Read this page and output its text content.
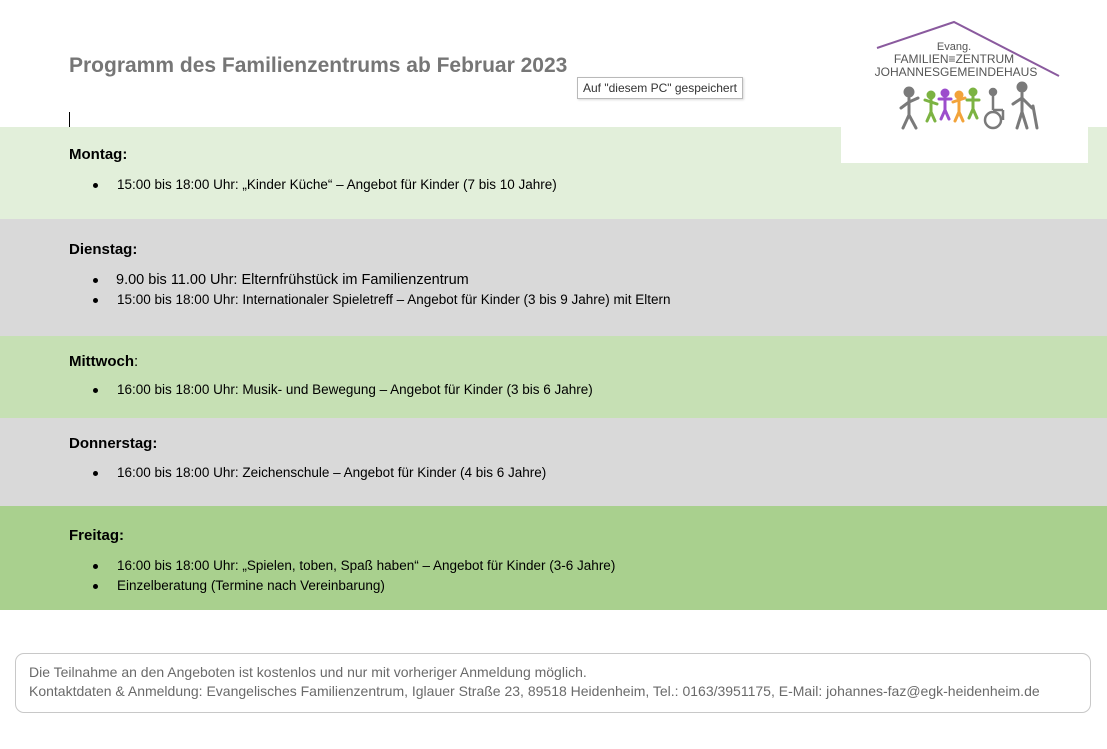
Programm des Familienzentrums ab Februar 2023
Montag:
15:00 bis 18:00 Uhr: „Kinder Küche“ – Angebot für Kinder (7 bis 10 Jahre)
Dienstag:
9.00 bis 11.00 Uhr: Elternfrühstück im Familienzentrum
15:00 bis 18:00 Uhr: Internationaler Spieletreff – Angebot für Kinder (3 bis 9 Jahre) mit Eltern
Mittwoch:
16:00 bis 18:00 Uhr: Musik- und Bewegung – Angebot für Kinder (3 bis 6 Jahre)
Donnerstag:
16:00 bis 18:00 Uhr: Zeichenschule – Angebot für Kinder (4 bis 6 Jahre)
Freitag:
16:00 bis 18:00 Uhr: „Spielen, toben, Spaß haben“ – Angebot für Kinder (3-6 Jahre)
Einzelberatung (Termine nach Vereinbarung)
Evang.
FAMILIEN≡ZENTRUM
JOHANNESGEMEINDEHAUS
Auf "diesem PC" gespeichert
Die Teilnahme an den Angeboten ist kostenlos und nur mit vorheriger Anmeldung möglich.
Kontaktdaten & Anmeldung: Evangelisches Familienzentrum, Iglauer Straße 23, 89518 Heidenheim, Tel.: 0163/3951175, E-Mail: johannes-faz@egk-heidenheim.de
